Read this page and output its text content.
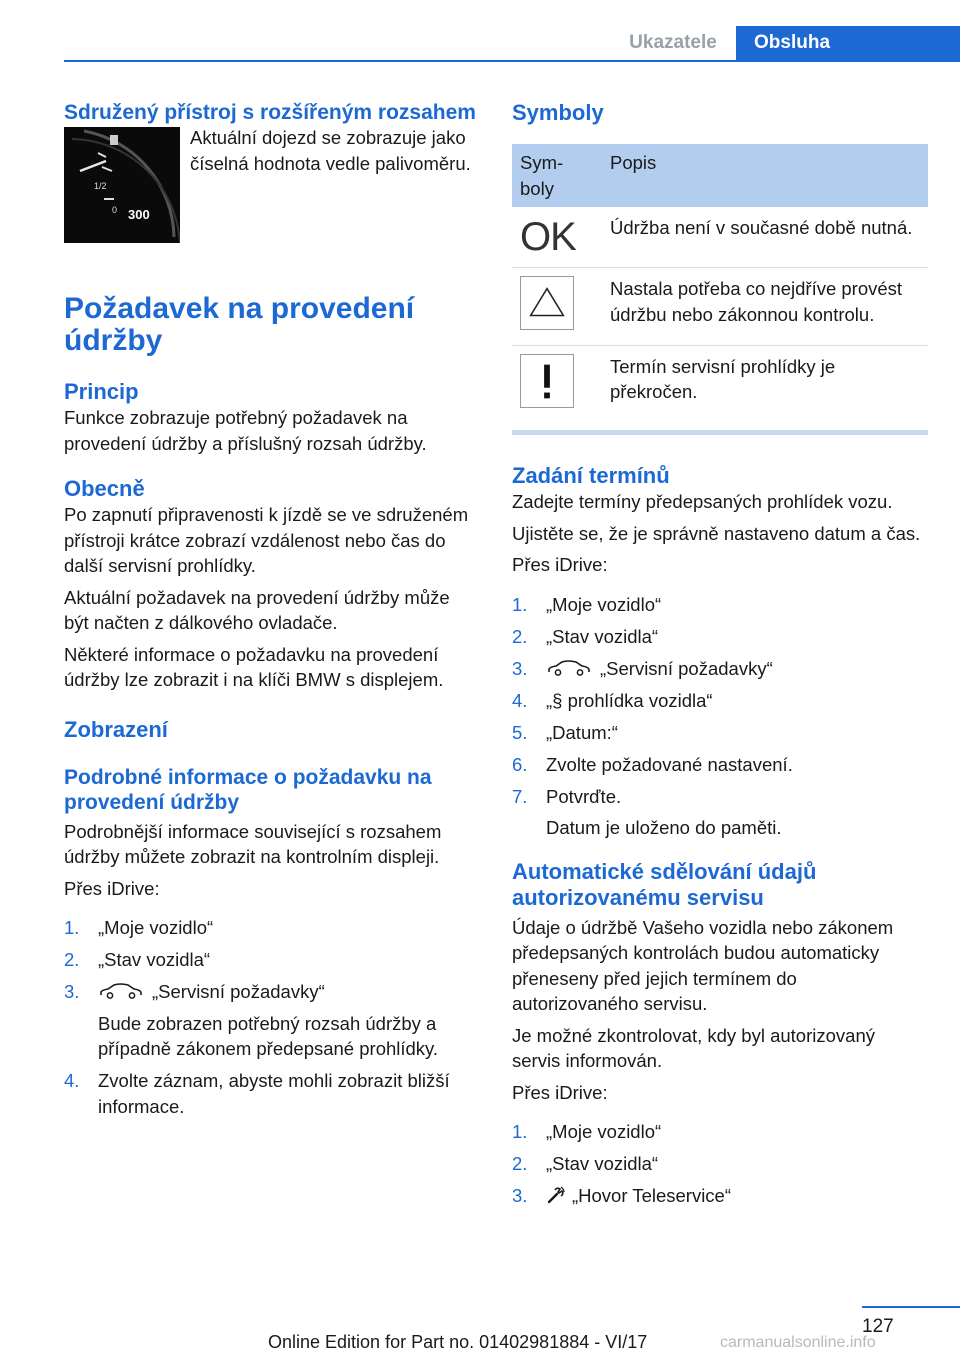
Ukazatele	Obsluha
Sdružený přístroj s rozšířeným rozsahem
1/2
0 300

Aktuální dojezd se zobrazuje jako číselná hodnota vedle palivoměru.

Požadavek na provedení údržby
Princip

Funkce zobrazuje potřebný požadavek na provedení údržby a příslušný rozsah údržby.

Obecně

Po zapnutí připravenosti k jízdě se ve sdruženém přístroji krátce zobrazí vzdálenost nebo čas do další servisní prohlídky.

Aktuální požadavek na provedení údržby může být načten z dálkového ovladače.

Některé informace o požadavku na provedení údržby lze zobrazit i na klíči BMW s displejem.

Zobrazení
Podrobné informace o požadavku na provedení údržby

Podrobnější informace související s rozsahem údržby můžete zobrazit na kontrolním displeji.

Přes iDrive:

1. „Moje vozidlo“
2. „Stav vozidla“
3.	„Servisní požadavky“
Bude zobrazen potřebný rozsah údržby a případně zákonem předepsané prohlídky.
4. Zvolte záznam, abyste mohli zobrazit bližší informace.
Symboly
Sym-boly	Popis
OK	Údržba není v současné době nutná.
	Nastala potřeba co nejdříve provést údržbu nebo zákonnou kontrolu.
	Termín servisní prohlídky je překročen.
Zadání termínů

Zadejte termíny předepsaných prohlídek vozu.

Ujistěte se, že je správně nastaveno datum a čas.

Přes iDrive:

1. „Moje vozidlo“
2. „Stav vozidla“
3.	„Servisní požadavky“
4. „§ prohlídka vozidla“
5. „Datum:“
6. Zvolte požadované nastavení.
7. Potvrďte.
Datum je uloženo do paměti.
Automatické sdělování údajů autorizovanému servisu

Údaje o údržbě Vašeho vozidla nebo zákonem předepsaných kontrolách budou automaticky přeneseny před jejich termínem do autorizovaného servisu.

Je možné zkontrolovat, kdy byl autorizovaný servis informován.

Přes iDrive:

1. „Moje vozidlo“
2. „Stav vozidla“
3. „Hovor Teleservice“
127
Online Edition for Part no. 01402981884 - VI/17	carmanualsonline.info
